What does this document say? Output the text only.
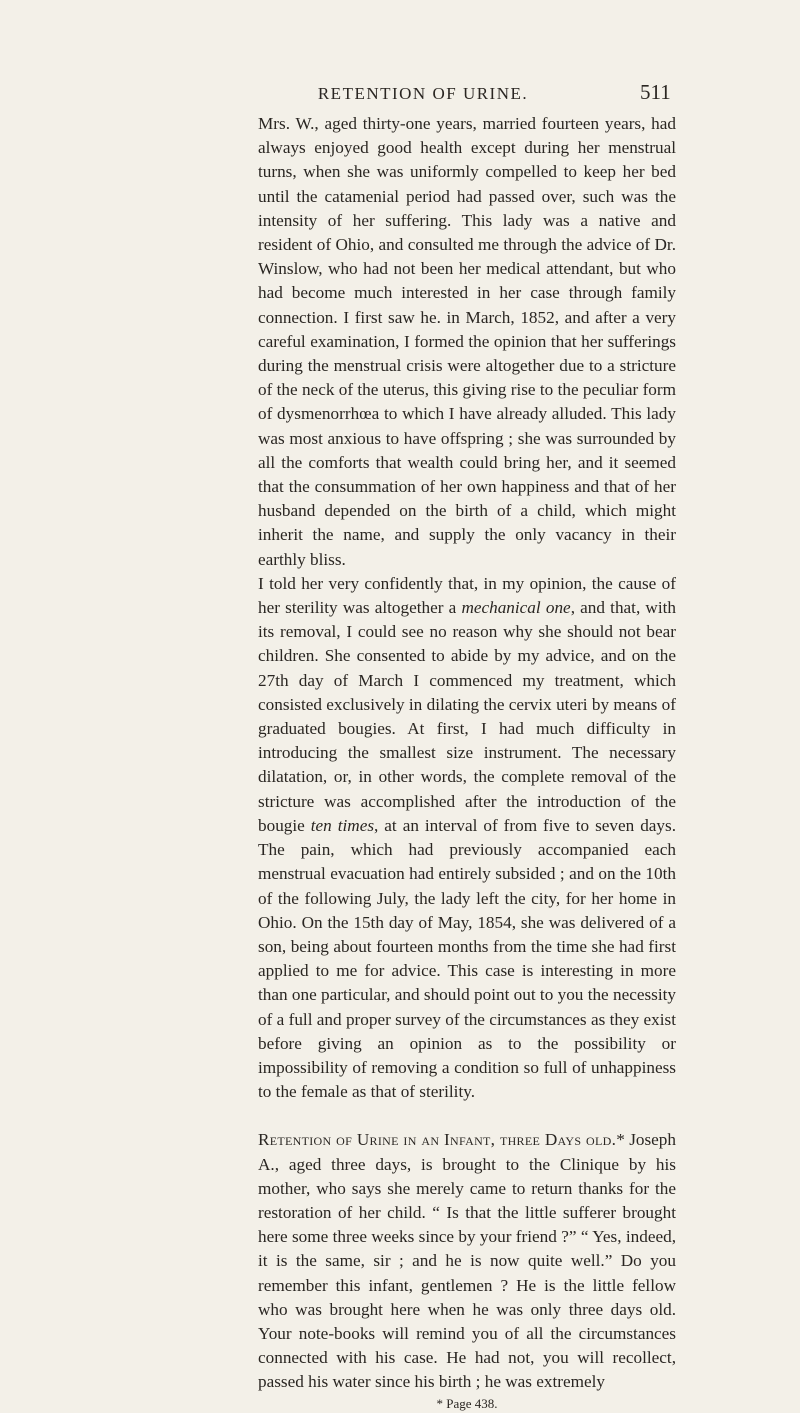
RETENTION OF URINE.	511

Mrs. W., aged thirty-one years, married fourteen years, had always enjoyed good health except during her menstrual turns, when she was uniformly compelled to keep her bed until the catamenial period had passed over, such was the intensity of her suffering. This lady was a native and resident of Ohio, and consulted me through the advice of Dr. Winslow, who had not been her medical attendant, but who had become much interested in her case through family connection. I first saw he. in March, 1852, and after a very careful examination, I formed the opinion that her sufferings during the menstrual crisis were altogether due to a stricture of the neck of the uterus, this giving rise to the peculiar form of dysmenorrhœa to which I have already alluded. This lady was most anxious to have offspring ; she was surrounded by all the comforts that wealth could bring her, and it seemed that the consummation of her own happiness and that of her husband depended on the birth of a child, which might inherit the name, and supply the only vacancy in their earthly bliss.

I told her very confidently that, in my opinion, the cause of her sterility was altogether a mechanical one, and that, with its removal, I could see no reason why she should not bear children. She consented to abide by my advice, and on the 27th day of March I commenced my treatment, which consisted exclusively in dilating the cervix uteri by means of graduated bougies. At first, I had much difficulty in introducing the smallest size instrument. The necessary dilatation, or, in other words, the complete removal of the stricture was accomplished after the introduction of the bougie ten times, at an interval of from five to seven days. The pain, which had previously accompanied each menstrual evacuation had entirely subsided ; and on the 10th of the following July, the lady left the city, for her home in Ohio. On the 15th day of May, 1854, she was delivered of a son, being about fourteen months from the time she had first applied to me for advice. This case is interesting in more than one particular, and should point out to you the necessity of a full and proper survey of the circumstances as they exist before giving an opinion as to the possibility or impossibility of removing a condition so full of unhappiness to the female as that of sterility.

Retention of Urine in an Infant, three Days old.* Joseph A., aged three days, is brought to the Clinique by his mother, who says she merely came to return thanks for the restoration of her child. “ Is that the little sufferer brought here some three weeks since by your friend ?” “ Yes, indeed, it is the same, sir ; and he is now quite well.” Do you remember this infant, gentlemen ? He is the little fellow who was brought here when he was only three days old. Your note-books will remind you of all the circumstances connected with his case. He had not, you will recollect, passed his water since his birth ; he was extremely

* Page 438.
